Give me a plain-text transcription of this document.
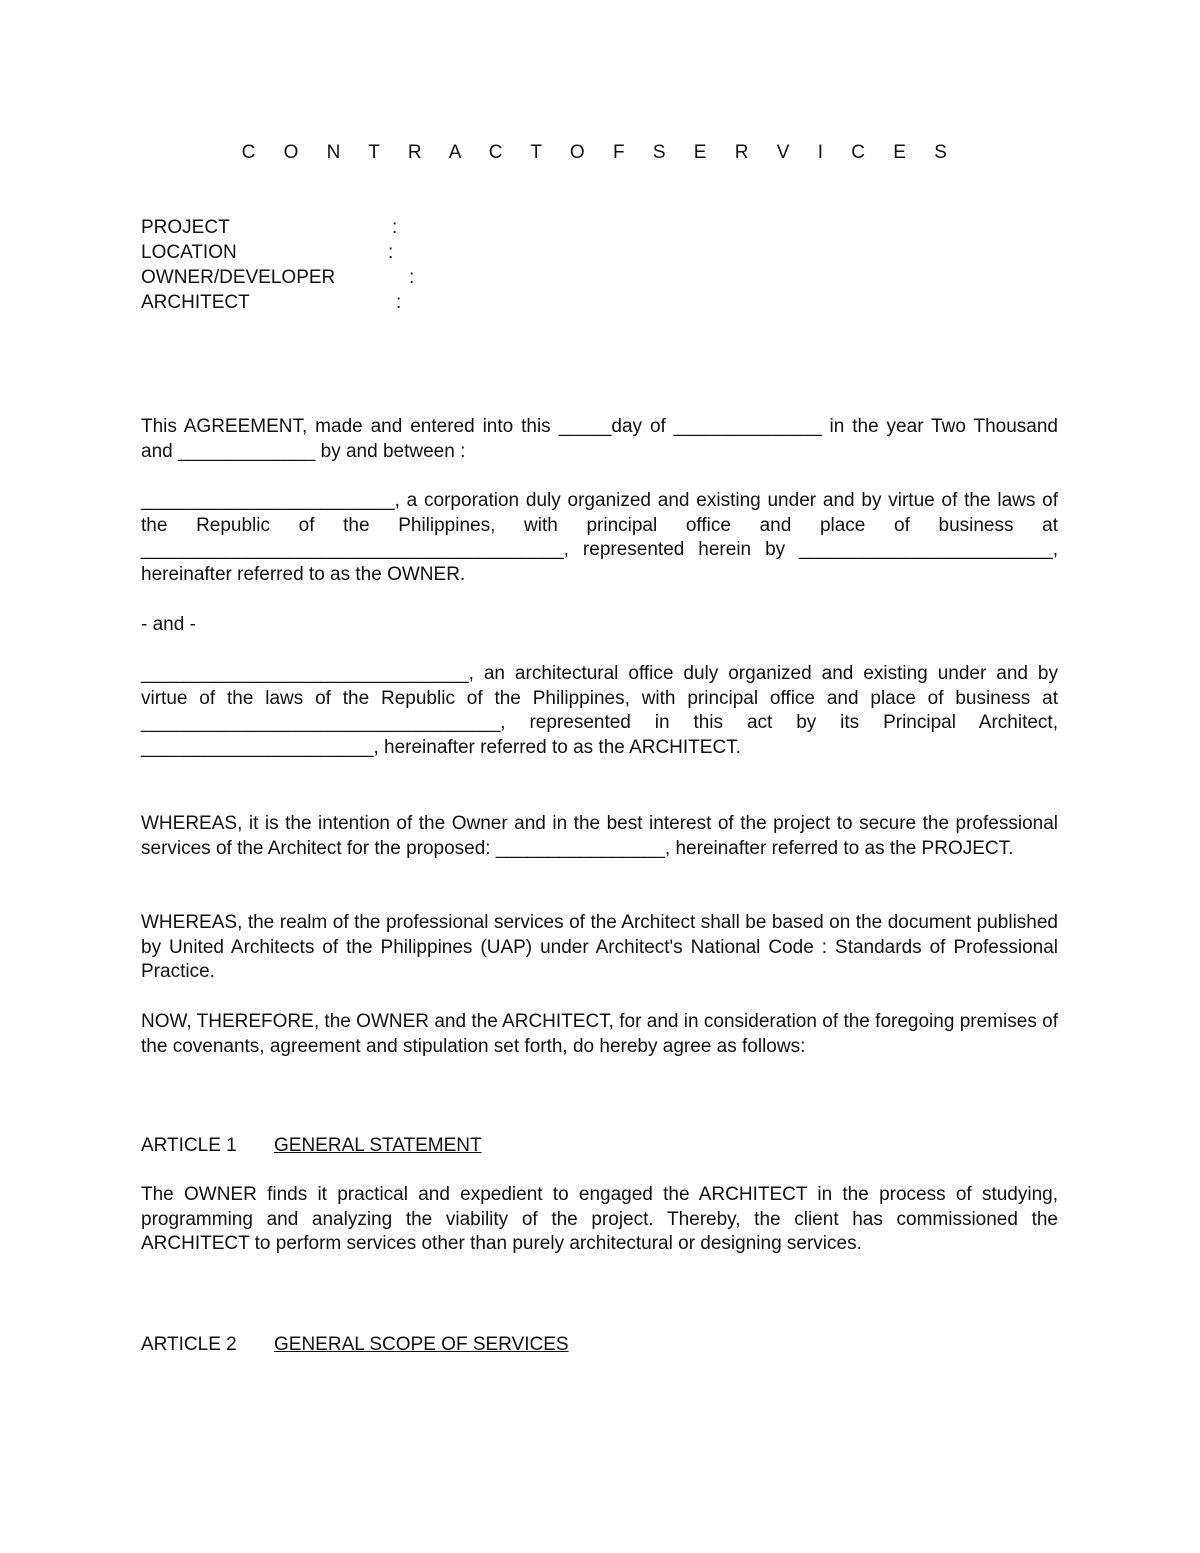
C O N T R A C T O F S E R V I C E S
PROJECT	:
LOCATION	:
OWNER/DEVELOPER	:
ARCHITECT	:

This AGREEMENT, made and entered into this _____day of ______________ in the year Two Thousand and _____________ by and between :

________________________, a corporation duly organized and existing under and by virtue of the laws of the Republic of the Philippines, with principal office and place of business at ________________________________________, represented herein by ________________________, hereinafter referred to as the OWNER.

- and -

_______________________________, an architectural office duly organized and existing under and by virtue of the laws of the Republic of the Philippines, with principal office and place of business at __________________________________, represented in this act by its Principal Architect, ______________________, hereinafter referred to as the ARCHITECT.

WHEREAS, it is the intention of the Owner and in the best interest of the project to secure the professional services of the Architect for the proposed: ________________, hereinafter referred to as the PROJECT.

WHEREAS, the realm of the professional services of the Architect shall be based on the document published by United Architects of the Philippines (UAP) under Architect's National Code : Standards of Professional Practice.

NOW, THEREFORE, the OWNER and the ARCHITECT, for and in consideration of the foregoing premises of the covenants, agreement and stipulation set forth, do hereby agree as follows:

ARTICLE 1 GENERAL STATEMENT

The OWNER finds it practical and expedient to engaged the ARCHITECT in the process of studying, programming and analyzing the viability of the project. Thereby, the client has commissioned the ARCHITECT to perform services other than purely architectural or designing services.

ARTICLE 2 GENERAL SCOPE OF SERVICES
